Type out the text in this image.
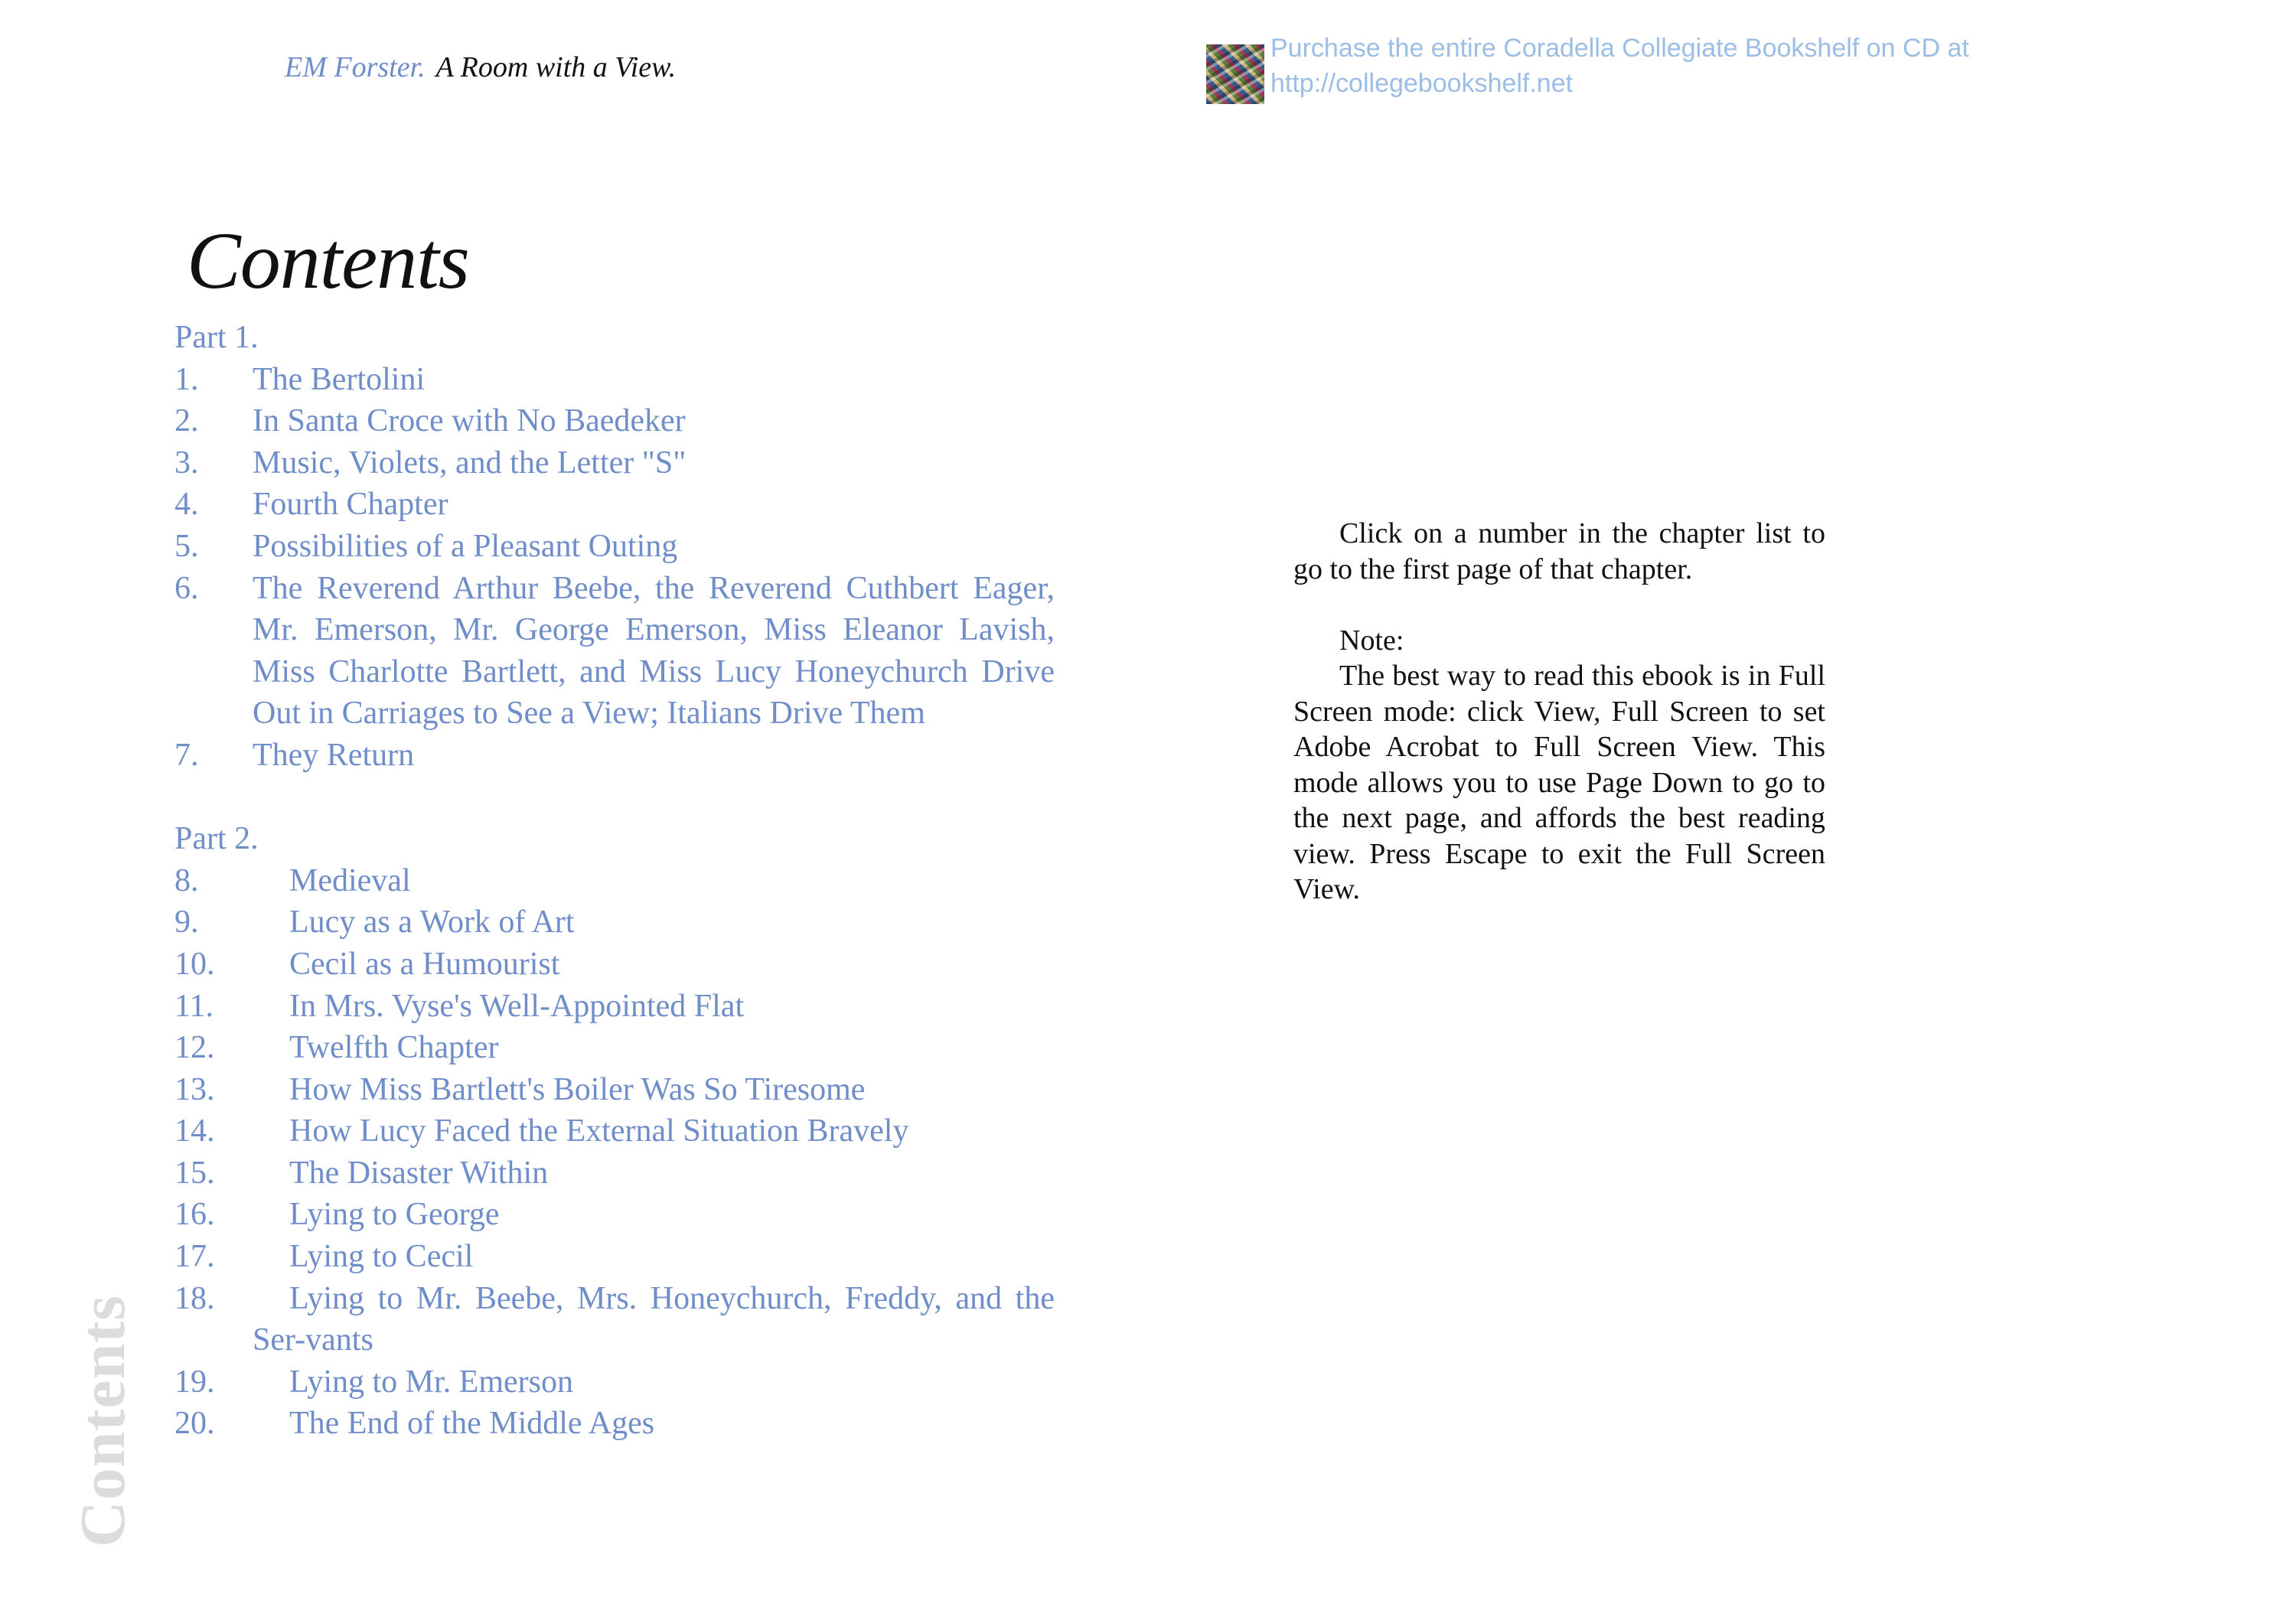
EM Forster. A Room with a View.
Purchase the entire Coradella Collegiate Bookshelf on CD at
http://collegebookshelf.net
Contents
Part 1.
1.	The Bertolini
2.	In Santa Croce with No Baedeker
3.	Music, Violets, and the Letter "S"
4.	Fourth Chapter
5.	Possibilities of a Pleasant Outing
6.	The Reverend Arthur Beebe, the Reverend Cuthbert Eager, Mr. Emerson, Mr. George Emerson, Miss Eleanor Lavish, Miss Charlotte Bartlett, and Miss Lucy Honeychurch Drive Out in Carriages to See a View; Italians Drive Them
7.	They Return
Part 2.
8.	Medieval
9.	Lucy as a Work of Art
10.	Cecil as a Humourist
11.	In Mrs. Vyse's Well-Appointed Flat
12.	Twelfth Chapter
13.	How Miss Bartlett's Boiler Was So Tiresome
14.	How Lucy Faced the External Situation Bravely
15.	The Disaster Within
16.	Lying to George
17.	Lying to Cecil
18.	Lying to Mr. Beebe, Mrs. Honeychurch, Freddy, and the Ser-vants
19.	Lying to Mr. Emerson
20.	The End of the Middle Ages

Click on a number in the chapter list to go to the first page of that chapter.

Note:

The best way to read this ebook is in Full Screen mode: click View, Full Screen to set Adobe Acrobat to Full Screen View. This mode allows you to use Page Down to go to the next page, and affords the best reading view. Press Escape to exit the Full Screen View.

Contents
